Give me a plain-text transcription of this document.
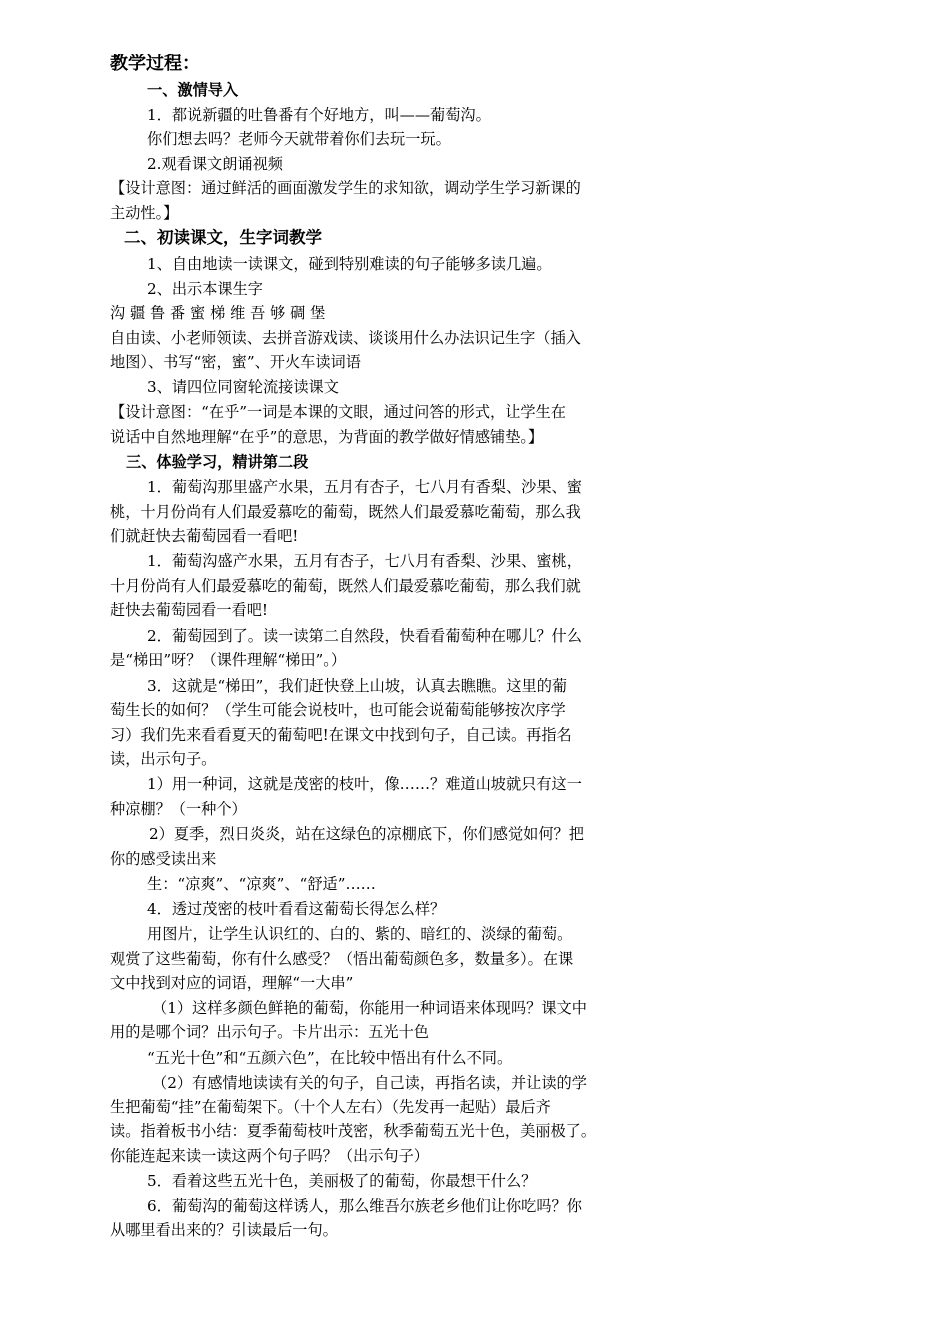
教学过程：
一、激情导入
1．都说新疆的吐鲁番有个好地方，叫——葡萄沟。
你们想去吗？老师今天就带着你们去玩一玩。
2.观看课文朗诵视频
【设计意图：通过鲜活的画面激发学生的求知欲，调动学生学习新课的
主动性。】
二、初读课文，生字词教学
1、自由地读一读课文，碰到特别难读的句子能够多读几遍。
2、出示本课生字
沟 疆 鲁 番 蜜 梯 维 吾 够 碉 堡
自由读、小老师领读、去拼音游戏读、谈谈用什么办法识记生字（插入
地图）、书写“密，蜜”、开火车读词语
3、请四位同窗轮流接读课文
【设计意图：“在乎”一词是本课的文眼，通过问答的形式，让学生在
说话中自然地理解“在乎”的意思，为背面的教学做好情感铺垫。】
三、体验学习，精讲第二段
1．葡萄沟那里盛产水果，五月有杏子，七八月有香梨、沙果、蜜
桃，十月份尚有人们最爱慕吃的葡萄，既然人们最爱慕吃葡萄，那么我
们就赶快去葡萄园看一看吧!
1．葡萄沟盛产水果，五月有杏子，七八月有香梨、沙果、蜜桃，
十月份尚有人们最爱慕吃的葡萄，既然人们最爱慕吃葡萄，那么我们就
赶快去葡萄园看一看吧!
2．葡萄园到了。读一读第二自然段，快看看葡萄种在哪儿？什么
是“梯田”呀？（课件理解“梯田”。）
3．这就是“梯田”，我们赶快登上山坡，认真去瞧瞧。这里的葡
萄生长的如何？（学生可能会说枝叶，也可能会说葡萄能够按次序学
习）我们先来看看夏天的葡萄吧!在课文中找到句子，自己读。再指名
读，出示句子。
1）用一种词，这就是茂密的枝叶，像……？难道山坡就只有这一
种凉棚？（一种个）
2）夏季，烈日炎炎，站在这绿色的凉棚底下，你们感觉如何？把
你的感受读出来
生：“凉爽”、“凉爽”、“舒适”……
4．透过茂密的枝叶看看这葡萄长得怎么样？
用图片，让学生认识红的、白的、紫的、暗红的、淡绿的葡萄。
观赏了这些葡萄，你有什么感受？（悟出葡萄颜色多，数量多）。在课
文中找到对应的词语，理解“一大串”
（1）这样多颜色鲜艳的葡萄，你能用一种词语来体现吗？课文中
用的是哪个词？出示句子。卡片出示：五光十色
“五光十色”和“五颜六色”，在比较中悟出有什么不同。
（2）有感情地读读有关的句子，自己读，再指名读，并让读的学
生把葡萄“挂”在葡萄架下。（十个人左右）（先发再一起贴）最后齐
读。指着板书小结：夏季葡萄枝叶茂密，秋季葡萄五光十色，美丽极了。
你能连起来读一读这两个句子吗？（出示句子）
5．看着这些五光十色，美丽极了的葡萄，你最想干什么？
6．葡萄沟的葡萄这样诱人，那么维吾尔族老乡他们让你吃吗？你
从哪里看出来的？引读最后一句。
